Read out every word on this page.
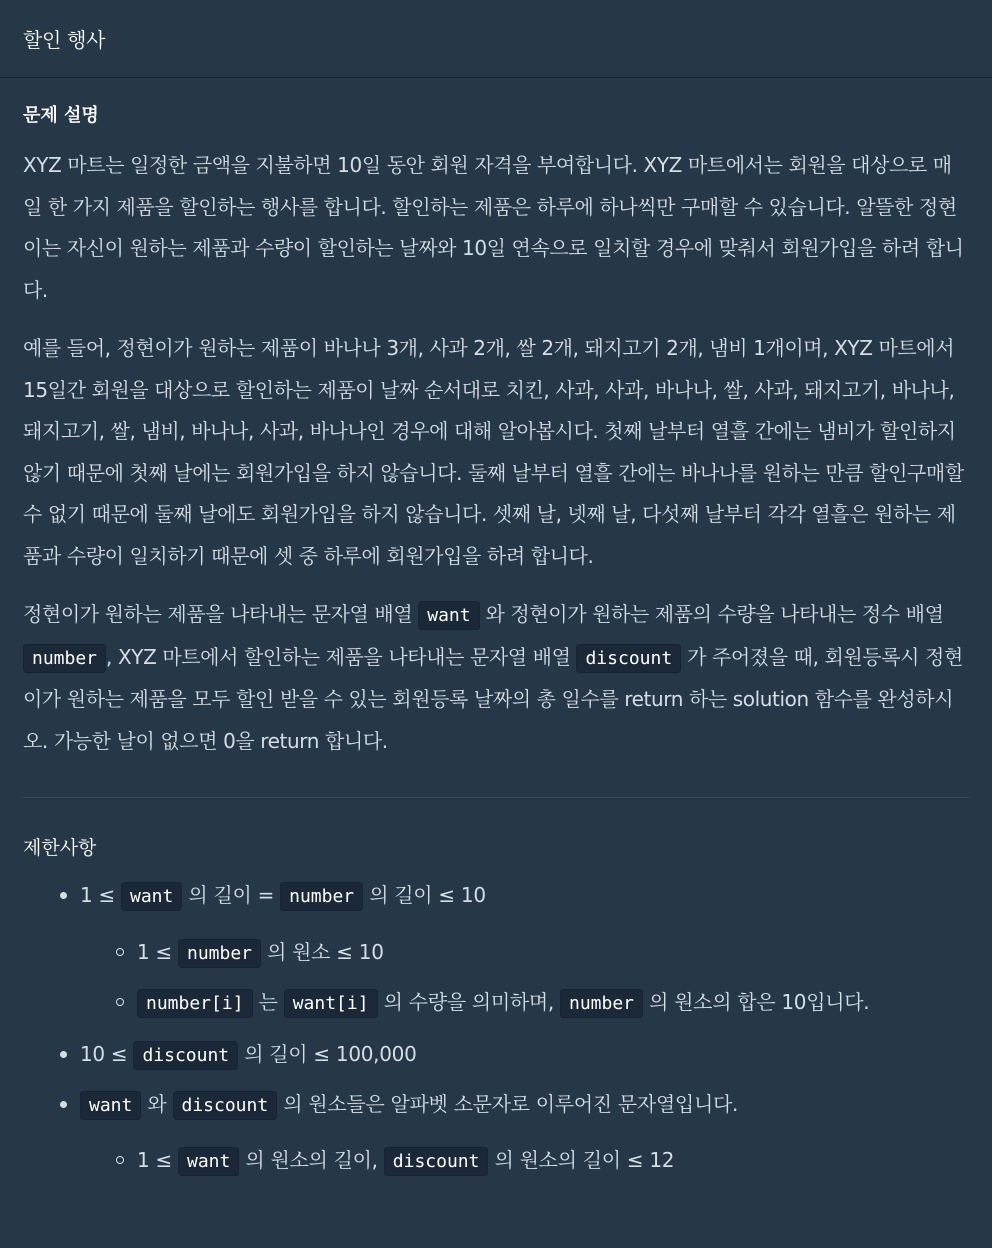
할인 행사
문제 설명

XYZ 마트는 일정한 금액을 지불하면 10일 동안 회원 자격을 부여합니다. XYZ 마트에서는 회원을 대상으로 매일 한 가지 제품을 할인하는 행사를 합니다. 할인하는 제품은 하루에 하나씩만 구매할 수 있습니다. 알뜰한 정현이는 자신이 원하는 제품과 수량이 할인하는 날짜와 10일 연속으로 일치할 경우에 맞춰서 회원가입을 하려 합니다.

예를 들어, 정현이가 원하는 제품이 바나나 3개, 사과 2개, 쌀 2개, 돼지고기 2개, 냄비 1개이며, XYZ 마트에서 15일간 회원을 대상으로 할인하는 제품이 날짜 순서대로 치킨, 사과, 사과, 바나나, 쌀, 사과, 돼지고기, 바나나, 돼지고기, 쌀, 냄비, 바나나, 사과, 바나나인 경우에 대해 알아봅시다. 첫째 날부터 열흘 간에는 냄비가 할인하지 않기 때문에 첫째 날에는 회원가입을 하지 않습니다. 둘째 날부터 열흘 간에는 바나나를 원하는 만큼 할인구매할 수 없기 때문에 둘째 날에도 회원가입을 하지 않습니다. 셋째 날, 넷째 날, 다섯째 날부터 각각 열흘은 원하는 제품과 수량이 일치하기 때문에 셋 중 하루에 회원가입을 하려 합니다.

정현이가 원하는 제품을 나타내는 문자열 배열 want 와 정현이가 원하는 제품의 수량을 나타내는 정수 배열 number , XYZ 마트에서 할인하는 제품을 나타내는 문자열 배열 discount 가 주어졌을 때, 회원등록시 정현이가 원하는 제품을 모두 할인 받을 수 있는 회원등록 날짜의 총 일수를 return 하는 solution 함수를 완성하시오. 가능한 날이 없으면 0을 return 합니다.

제한사항
1 ≤ want 의 길이 = number 의 길이 ≤ 10
1 ≤ number 의 원소 ≤ 10
number[i] 는 want[i] 의 수량을 의미하며, number 의 원소의 합은 10입니다.
10 ≤ discount 의 길이 ≤ 100,000
want 와 discount 의 원소들은 알파벳 소문자로 이루어진 문자열입니다.
1 ≤ want 의 원소의 길이, discount 의 원소의 길이 ≤ 12
